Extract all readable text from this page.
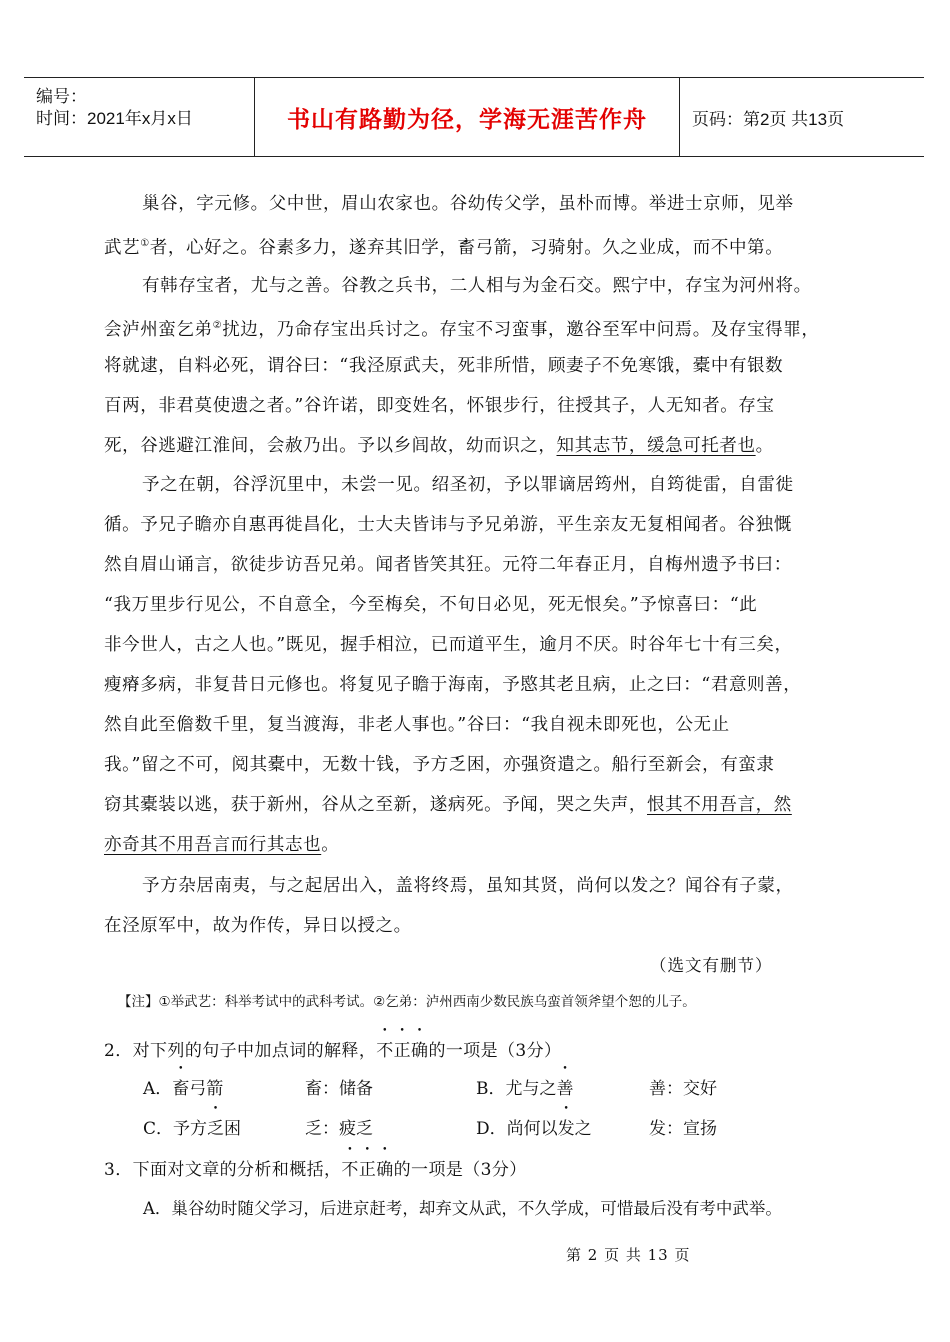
编号：
时间：2021年x月x日	书山有路勤为径，学海无涯苦作舟	页码：第2页 共13页
巢谷，字元修。父中世，眉山农家也。谷幼传父学，虽朴而博。举进士京师，见举
武艺①者，心好之。谷素多力，遂弃其旧学，畜弓箭，习骑射。久之业成，而不中第。
有韩存宝者，尤与之善。谷教之兵书，二人相与为金石交。熙宁中，存宝为河州将。
会泸州蛮乞弟②扰边，乃命存宝出兵讨之。存宝不习蛮事，邀谷至军中问焉。及存宝得罪，
将就逮，自料必死，谓谷曰：“我泾原武夫，死非所惜，顾妻子不免寒饿，橐中有银数
百两，非君莫使遗之者。”谷许诺，即变姓名，怀银步行，往授其子，人无知者。存宝
死，谷逃避江淮间，会赦乃出。予以乡闾故，幼而识之，知其志节，缓急可托者也。
予之在朝，谷浮沉里中，未尝一见。绍圣初，予以罪谪居筠州，自筠徙雷，自雷徙
循。予兄子瞻亦自惠再徙昌化，士大夫皆讳与予兄弟游，平生亲友无复相闻者。谷独慨
然自眉山诵言，欲徒步访吾兄弟。闻者皆笑其狂。元符二年春正月，自梅州遗予书曰：
“我万里步行见公，不自意全，今至梅矣，不旬日必见，死无恨矣。”予惊喜曰：“此
非今世人，古之人也。”既见，握手相泣，已而道平生，逾月不厌。时谷年七十有三矣，
瘦瘠多病，非复昔日元修也。将复见子瞻于海南，予愍其老且病，止之曰：“君意则善，
然自此至儋数千里，复当渡海，非老人事也。”谷曰：“我自视未即死也，公无止
我。”留之不可，阅其橐中，无数十钱，予方乏困，亦强资遣之。船行至新会，有蛮隶
窃其橐装以逃，获于新州，谷从之至新，遂病死。予闻，哭之失声，恨其不用吾言，然
亦奇其不用吾言而行其志也。
予方杂居南夷，与之起居出入，盖将终焉，虽知其贤，尚何以发之？闻谷有子蒙，
在泾原军中，故为作传，异日以授之。
（选文有删节）
【注】①举武艺：科举考试中的武科考试。②乞弟：泸州西南少数民族乌蛮首领斧望个恕的儿子。
2．对下列的句子中加点词的解释，不正确的一项是（3分）
A．畜弓箭	畜：储备	B．尤与之善	善：交好
C．予方乏困	乏：疲乏	D．尚何以发之	发：宣扬
3．下面对文章的分析和概括，不正确的一项是（3分）
A．巢谷幼时随父学习，后进京赶考，却弃文从武，不久学成，可惜最后没有考中武举。
第 2 页 共 13 页
